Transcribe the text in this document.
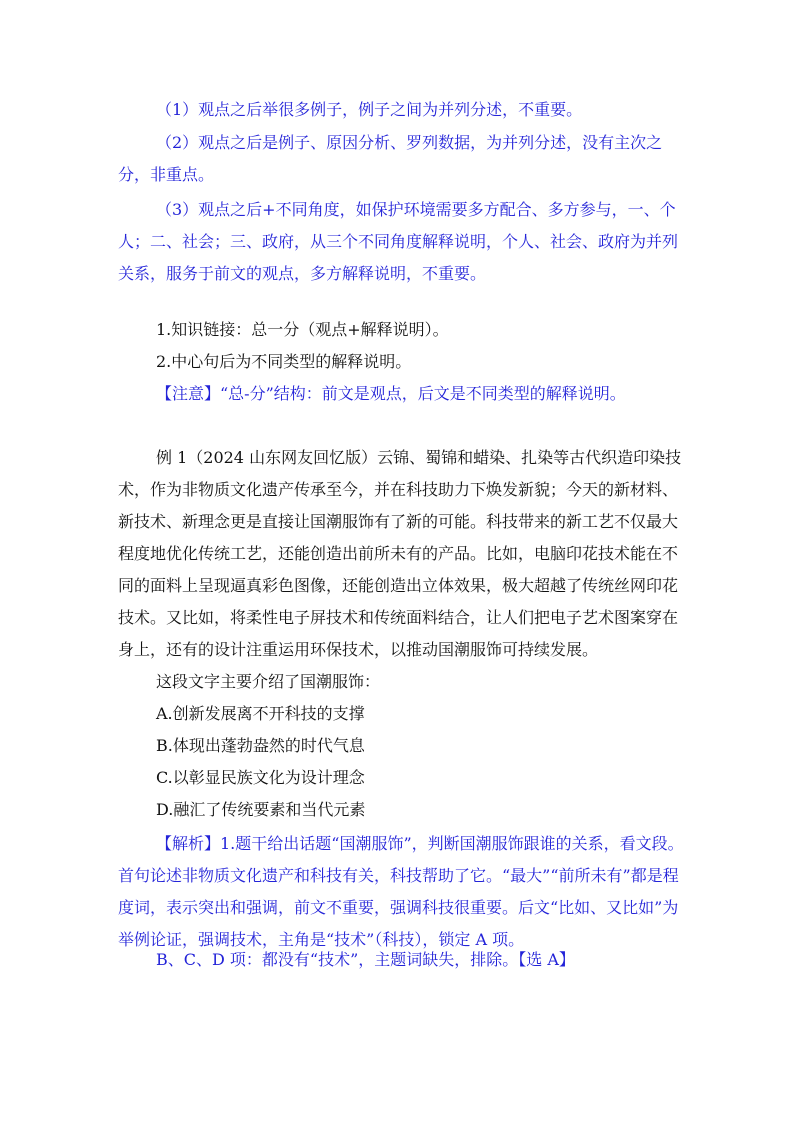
（1）观点之后举很多例子，例子之间为并列分述，不重要。

（2）观点之后是例子、原因分析、罗列数据，为并列分述，没有主次之分，非重点。

（3）观点之后+不同角度，如保护环境需要多方配合、多方参与，一、个人；二、社会；三、政府，从三个不同角度解释说明，个人、社会、政府为并列关系，服务于前文的观点，多方解释说明，不重要。

1.知识链接：总一分（观点+解释说明）。

2.中心句后为不同类型的解释说明。

【注意】“总-分”结构：前文是观点，后文是不同类型的解释说明。

例 1（2024 山东网友回忆版）云锦、蜀锦和蜡染、扎染等古代织造印染技术，作为非物质文化遗产传承至今，并在科技助力下焕发新貌；今天的新材料、新技术、新理念更是直接让国潮服饰有了新的可能。科技带来的新工艺不仅最大程度地优化传统工艺，还能创造出前所未有的产品。比如，电脑印花技术能在不同的面料上呈现逼真彩色图像，还能创造出立体效果，极大超越了传统丝网印花技术。又比如，将柔性电子屏技术和传统面料结合，让人们把电子艺术图案穿在身上，还有的设计注重运用环保技术，以推动国潮服饰可持续发展。

这段文字主要介绍了国潮服饰：

A.创新发展离不开科技的支撑

B.体现出蓬勃盎然的时代气息

C.以彰显民族文化为设计理念

D.融汇了传统要素和当代元素

【解析】1.题干给出话题“国潮服饰”，判断国潮服饰跟谁的关系，看文段。首句论述非物质文化遗产和科技有关，科技帮助了它。“最大”“前所未有”都是程度词，表示突出和强调，前文不重要，强调科技很重要。后文“比如、又比如”为举例论证，强调技术，主角是“技术”（科技），锁定 A 项。

B、C、D 项：都没有“技术”，主题词缺失，排除。【选 A】
